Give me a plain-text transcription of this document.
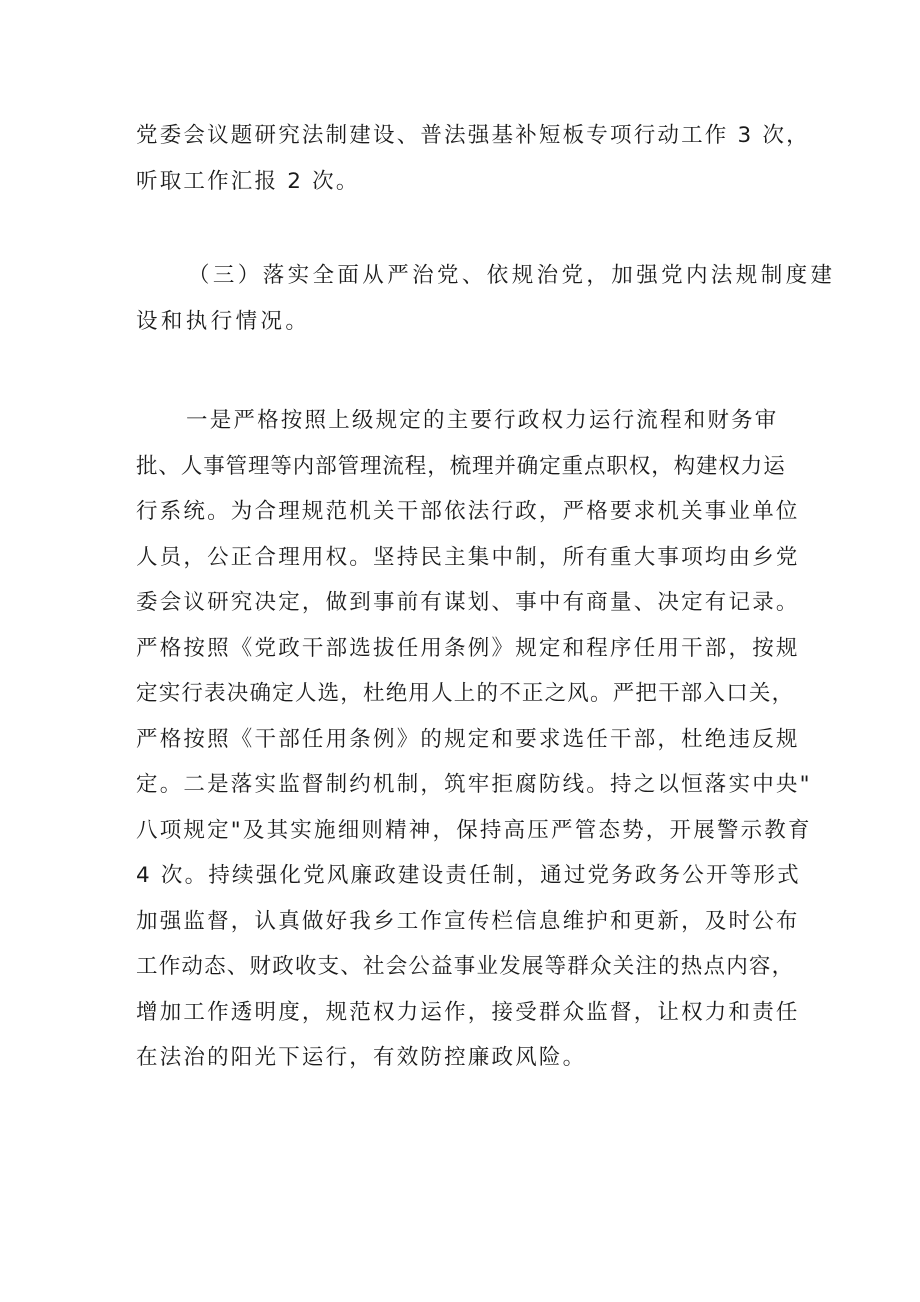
党委会议题研究法制建设、普法强基补短板专项行动工作 3 次，
听取工作汇报 2 次。
（三）落实全面从严治党、依规治党，加强党内法规制度建
设和执行情况。
一是严格按照上级规定的主要行政权力运行流程和财务审
批、人事管理等内部管理流程，梳理并确定重点职权，构建权力运
行系统。为合理规范机关干部依法行政，严格要求机关事业单位
人员，公正合理用权。坚持民主集中制，所有重大事项均由乡党
委会议研究决定，做到事前有谋划、事中有商量、决定有记录。
严格按照《党政干部选拔任用条例》规定和程序任用干部，按规
定实行表决确定人选，杜绝用人上的不正之风。严把干部入口关，
严格按照《干部任用条例》的规定和要求选任干部，杜绝违反规
定。二是落实监督制约机制，筑牢拒腐防线。持之以恒落实中央"
八项规定"及其实施细则精神，保持高压严管态势，开展警示教育
4 次。持续强化党风廉政建设责任制，通过党务政务公开等形式
加强监督，认真做好我乡工作宣传栏信息维护和更新，及时公布
工作动态、财政收支、社会公益事业发展等群众关注的热点内容，
增加工作透明度，规范权力运作，接受群众监督，让权力和责任
在法治的阳光下运行，有效防控廉政风险。
